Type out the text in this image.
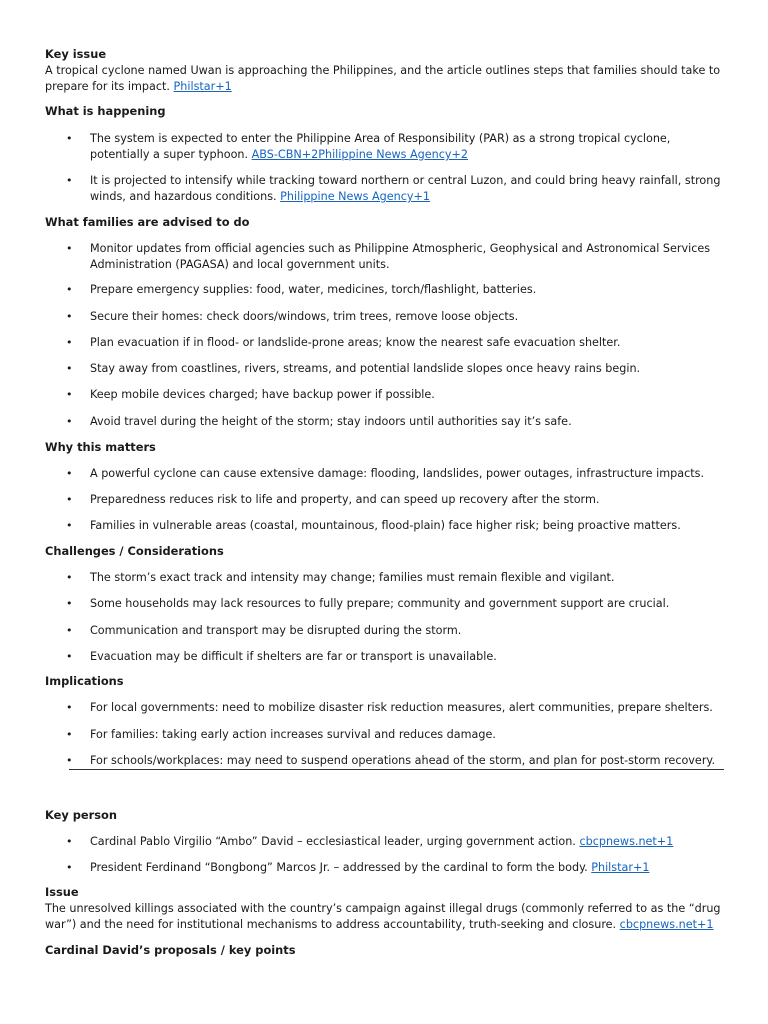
Key issue
A tropical cyclone named Uwan is approaching the Philippines, and the article outlines steps that families should take to prepare for its impact. Philstar+1
What is happening
• The system is expected to enter the Philippine Area of Responsibility (PAR) as a strong tropical cyclone, potentially a super typhoon. ABS-CBN+2Philippine News Agency+2
• It is projected to intensify while tracking toward northern or central Luzon, and could bring heavy rainfall, strong winds, and hazardous conditions. Philippine News Agency+1
What families are advised to do
• Monitor updates from official agencies such as Philippine Atmospheric, Geophysical and Astronomical Services Administration (PAGASA) and local government units.
• Prepare emergency supplies: food, water, medicines, torch/flashlight, batteries.
• Secure their homes: check doors/windows, trim trees, remove loose objects.
• Plan evacuation if in flood- or landslide-prone areas; know the nearest safe evacuation shelter.
• Stay away from coastlines, rivers, streams, and potential landslide slopes once heavy rains begin.
• Keep mobile devices charged; have backup power if possible.
• Avoid travel during the height of the storm; stay indoors until authorities say it’s safe.
Why this matters
• A powerful cyclone can cause extensive damage: flooding, landslides, power outages, infrastructure impacts.
• Preparedness reduces risk to life and property, and can speed up recovery after the storm.
• Families in vulnerable areas (coastal, mountainous, flood-plain) face higher risk; being proactive matters.
Challenges / Considerations
• The storm’s exact track and intensity may change; families must remain flexible and vigilant.
• Some households may lack resources to fully prepare; community and government support are crucial.
• Communication and transport may be disrupted during the storm.
• Evacuation may be difficult if shelters are far or transport is unavailable.
Implications
• For local governments: need to mobilize disaster risk reduction measures, alert communities, prepare shelters.
• For families: taking early action increases survival and reduces damage.
• For schools/workplaces: may need to suspend operations ahead of the storm, and plan for post-storm recovery.
Key person
• Cardinal Pablo Virgilio “Ambo” David – ecclesiastical leader, urging government action. cbcpnews.net+1
• President Ferdinand “Bongbong” Marcos Jr. – addressed by the cardinal to form the body. Philstar+1
Issue
The unresolved killings associated with the country’s campaign against illegal drugs (commonly referred to as the “drug war”) and the need for institutional mechanisms to address accountability, truth-seeking and closure. cbcpnews.net+1
Cardinal David’s proposals / key points
